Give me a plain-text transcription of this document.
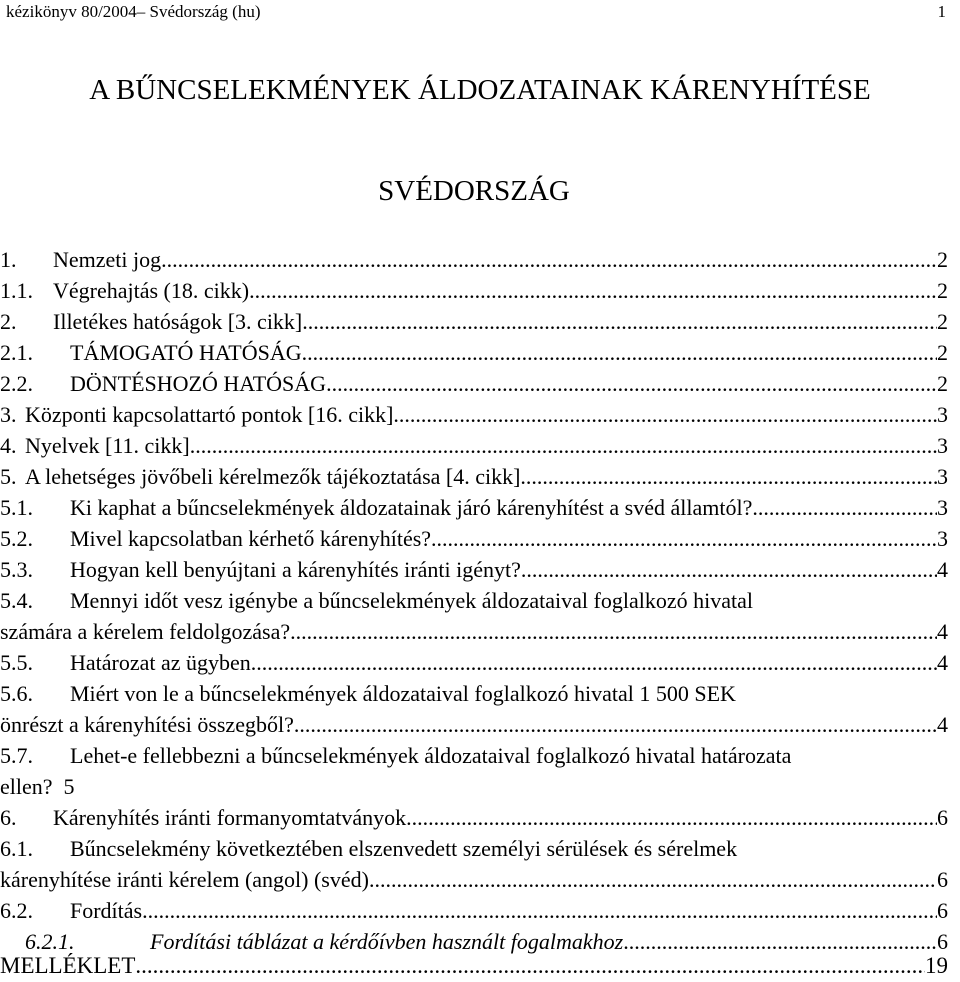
kézikönyv 80/2004– Svédország (hu)	1
A BŰNCSELEKMÉNYEK ÁLDOZATAINAK KÁRENYHÍTÉSE
SVÉDORSZÁG
1. Nemzeti jog .....	2
1.1. Végrehajtás (18. cikk) .....	2
2. Illetékes hatóságok [3. cikk] .....	2
2.1. TÁMOGATÓ HATÓSÁG .....	2
2.2. DÖNTÉSHOZÓ HATÓSÁG .....	2
3. Központi kapcsolattartó pontok [16. cikk] .....	3
4. Nyelvek [11. cikk] .....	3
5. A lehetséges jövőbeli kérelmezők tájékoztatása [4. cikk] .....	3
5.1. Ki kaphat a bűncselekmények áldozatainak járó kárenyhítést a svéd államtól? .....	3
5.2. Mivel kapcsolatban kérhető kárenyhítés? .....	3
5.3. Hogyan kell benyújtani a kárenyhítés iránti igényt? .....	4
5.4. Mennyi időt vesz igénybe a bűncselekmények áldozataival foglalkozó hivatal
számára a kérelem feldolgozása? .....	4
5.5. Határozat az ügyben .....	4
5.6. Miért von le a bűncselekmények áldozataival foglalkozó hivatal 1 500 SEK
önrészt a kárenyhítési összegből? .....	4
5.7. Lehet-e fellebbezni a bűncselekmények áldozataival foglalkozó hivatal határozata
ellen? 5
6. Kárenyhítés iránti formanyomtatványok .....	6
6.1. Bűncselekmény következtében elszenvedett személyi sérülések és sérelmek
kárenyhítése iránti kérelem (angol) (svéd) .....	6
6.2. Fordítás .....	6
6.2.1.	Fordítási táblázat a kérdőívben használt fogalmakhoz .....	6
MELLÉKLET .....	19
